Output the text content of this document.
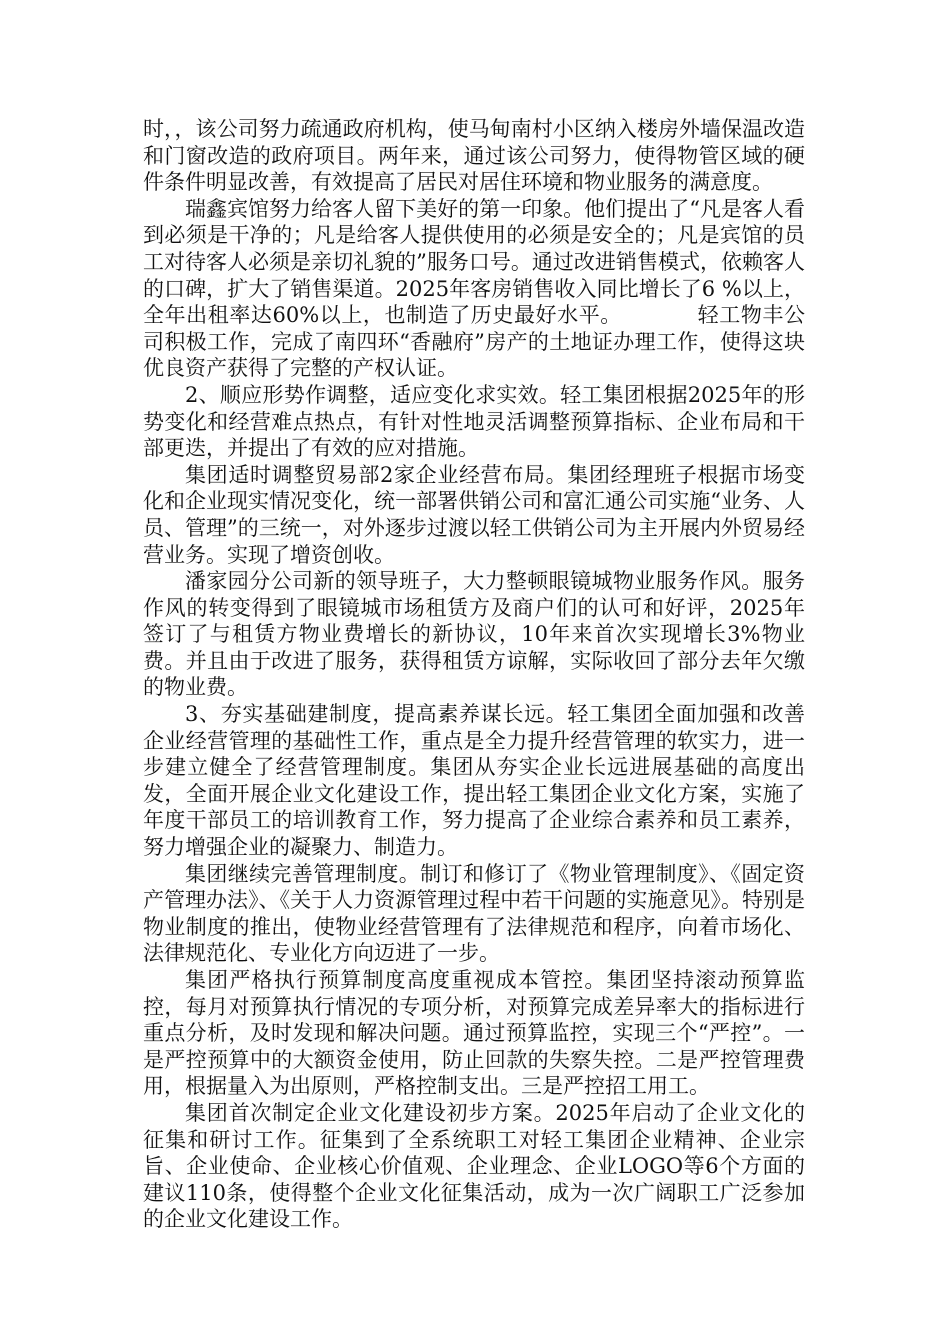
时，，该公司努力疏通政府机构，使马甸南村小区纳入楼房外墙保温改造和门窗改造的政府项目。两年来，通过该公司努力，使得物管区域的硬件条件明显改善，有效提高了居民对居住环境和物业服务的满意度。

瑞鑫宾馆努力给客人留下美好的第一印象。他们提出了“凡是客人看到必须是干净的；凡是给客人提供使用的必须是安全的；凡是宾馆的员工对待客人必须是亲切礼貌的”服务口号。通过改进销售模式，依赖客人的口碑，扩大了销售渠道。2025年客房销售收入同比增长了6 %以上，全年出租率达60%以上，也制造了历史最好水平。　　　　轻工物丰公司积极工作，完成了南四环“香融府”房产的土地证办理工作，使得这块优良资产获得了完整的产权认证。

2、顺应形势作调整，适应变化求实效。轻工集团根据2025年的形势变化和经营难点热点，有针对性地灵活调整预算指标、企业布局和干部更迭，并提出了有效的应对措施。

集团适时调整贸易部2家企业经营布局。集团经理班子根据市场变化和企业现实情况变化，统一部署供销公司和富汇通公司实施“业务、人员、管理”的三统一，对外逐步过渡以轻工供销公司为主开展内外贸易经营业务。实现了增资创收。

潘家园分公司新的领导班子，大力整顿眼镜城物业服务作风。服务作风的转变得到了眼镜城市场租赁方及商户们的认可和好评，2025年签订了与租赁方物业费增长的新协议，10年来首次实现增长3%物业费。并且由于改进了服务，获得租赁方谅解，实际收回了部分去年欠缴的物业费。

3、夯实基础建制度，提高素养谋长远。轻工集团全面加强和改善企业经营管理的基础性工作，重点是全力提升经营管理的软实力，进一步建立健全了经营管理制度。集团从夯实企业长远进展基础的高度出发，全面开展企业文化建设工作，提出轻工集团企业文化方案，实施了年度干部员工的培训教育工作，努力提高了企业综合素养和员工素养，努力增强企业的凝聚力、制造力。

集团继续完善管理制度。制订和修订了《物业管理制度》、《固定资产管理办法》、《关于人力资源管理过程中若干问题的实施意见》。特别是物业制度的推出，使物业经营管理有了法律规范和程序，向着市场化、法律规范化、专业化方向迈进了一步。

集团严格执行预算制度高度重视成本管控。集团坚持滚动预算监控，每月对预算执行情况的专项分析，对预算完成差异率大的指标进行重点分析，及时发现和解决问题。通过预算监控，实现三个“严控”。一是严控预算中的大额资金使用，防止回款的失察失控。二是严控管理费用，根据量入为出原则，严格控制支出。三是严控招工用工。

集团首次制定企业文化建设初步方案。2025年启动了企业文化的征集和研讨工作。征集到了全系统职工对轻工集团企业精神、企业宗旨、企业使命、企业核心价值观、企业理念、企业LOGO等6个方面的建议110条，使得整个企业文化征集活动，成为一次广阔职工广泛参加的企业文化建设工作。
